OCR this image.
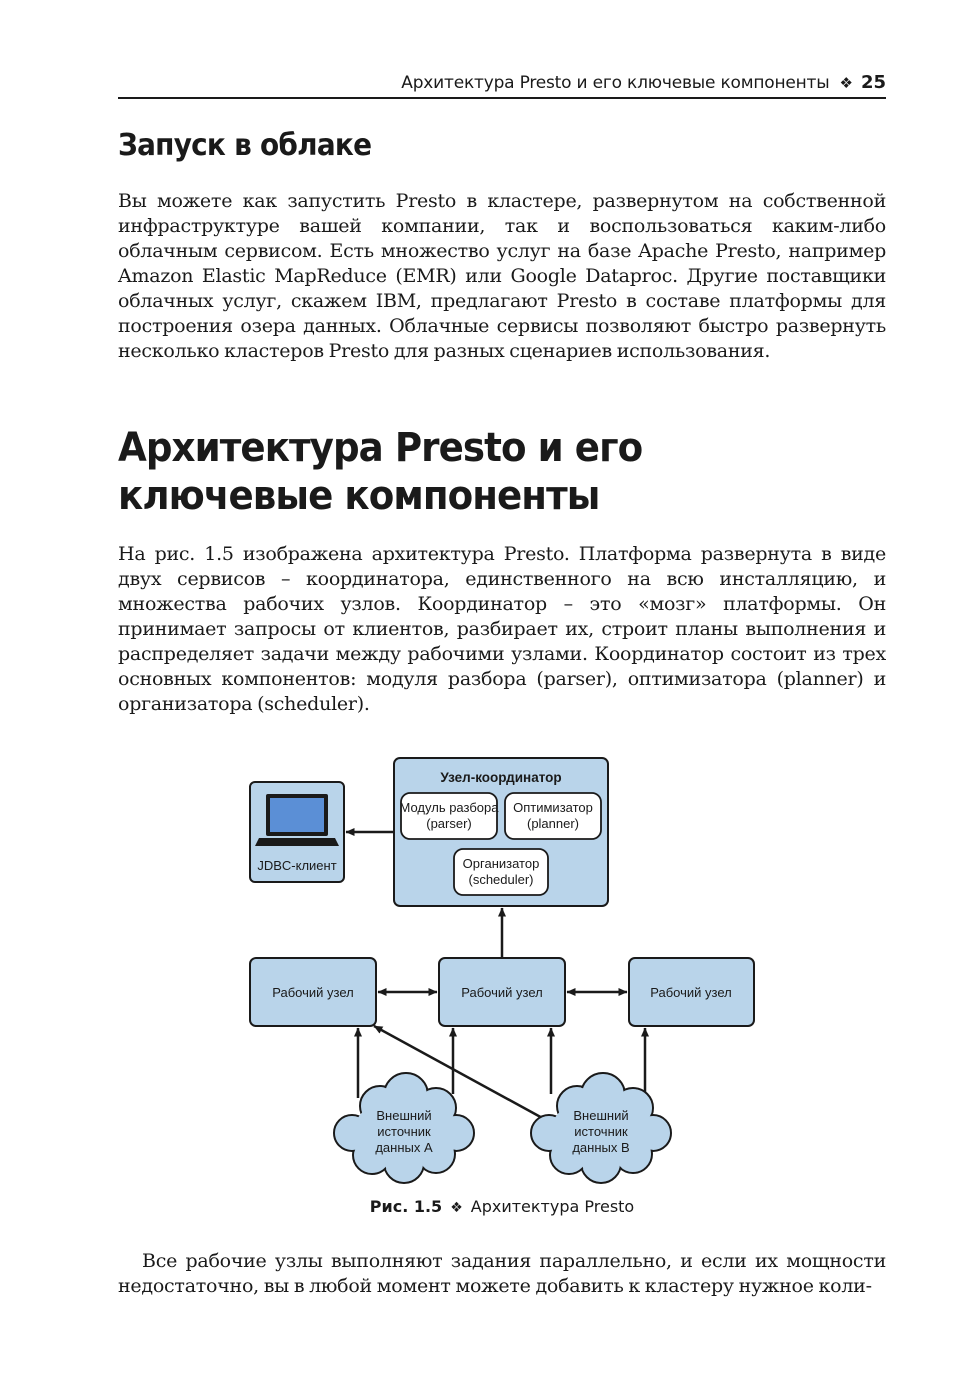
Архитектура Presto и его ключевые компоненты ❖ 25
Запуск в облаке

Вы можете как запустить Presto в кластере, развернутом на собственной инфраструктуре вашей компании, так и воспользоваться каким-либо облачным сервисом. Есть множество услуг на базе Apache Presto, например Amazon Elastic MapReduce (EMR) или Google Dataproc. Другие поставщики облачных услуг, скажем IBM, предлагают Presto в составе платформы для построения озера данных. Облачные сервисы позволяют быстро развернуть несколько кластеров Presto для разных сценариев использования.

Архитектура Presto и его ключевые компоненты

На рис. 1.5 изображена архитектура Presto. Платформа развернута в виде двух сервисов – координатора, единственного на всю инсталляцию, и множества рабочих узлов. Координатор – это «мозг» платформы. Он принимает запросы от клиентов, разбирает их, строит планы выполнения и распределяет задачи между рабочими узлами. Координатор состоит из трех основных компонентов: модуля разбора (parser), оптимизатора (planner) и организатора (scheduler).

Узел-координатор
Модуль разбора
(parser)
Оптимизатор
(planner)
Организатор
(scheduler)
JDBC-клиент
Рабочий узел	Рабочий узел	Рабочий узел
Внешний
источник
данных А
Внешний
источник
данных В
Рис. 1.5 ❖ Архитектура Presto

Все рабочие узлы выполняют задания параллельно, и если их мощности недостаточно, вы в любой момент можете добавить к кластеру нужное коли-
